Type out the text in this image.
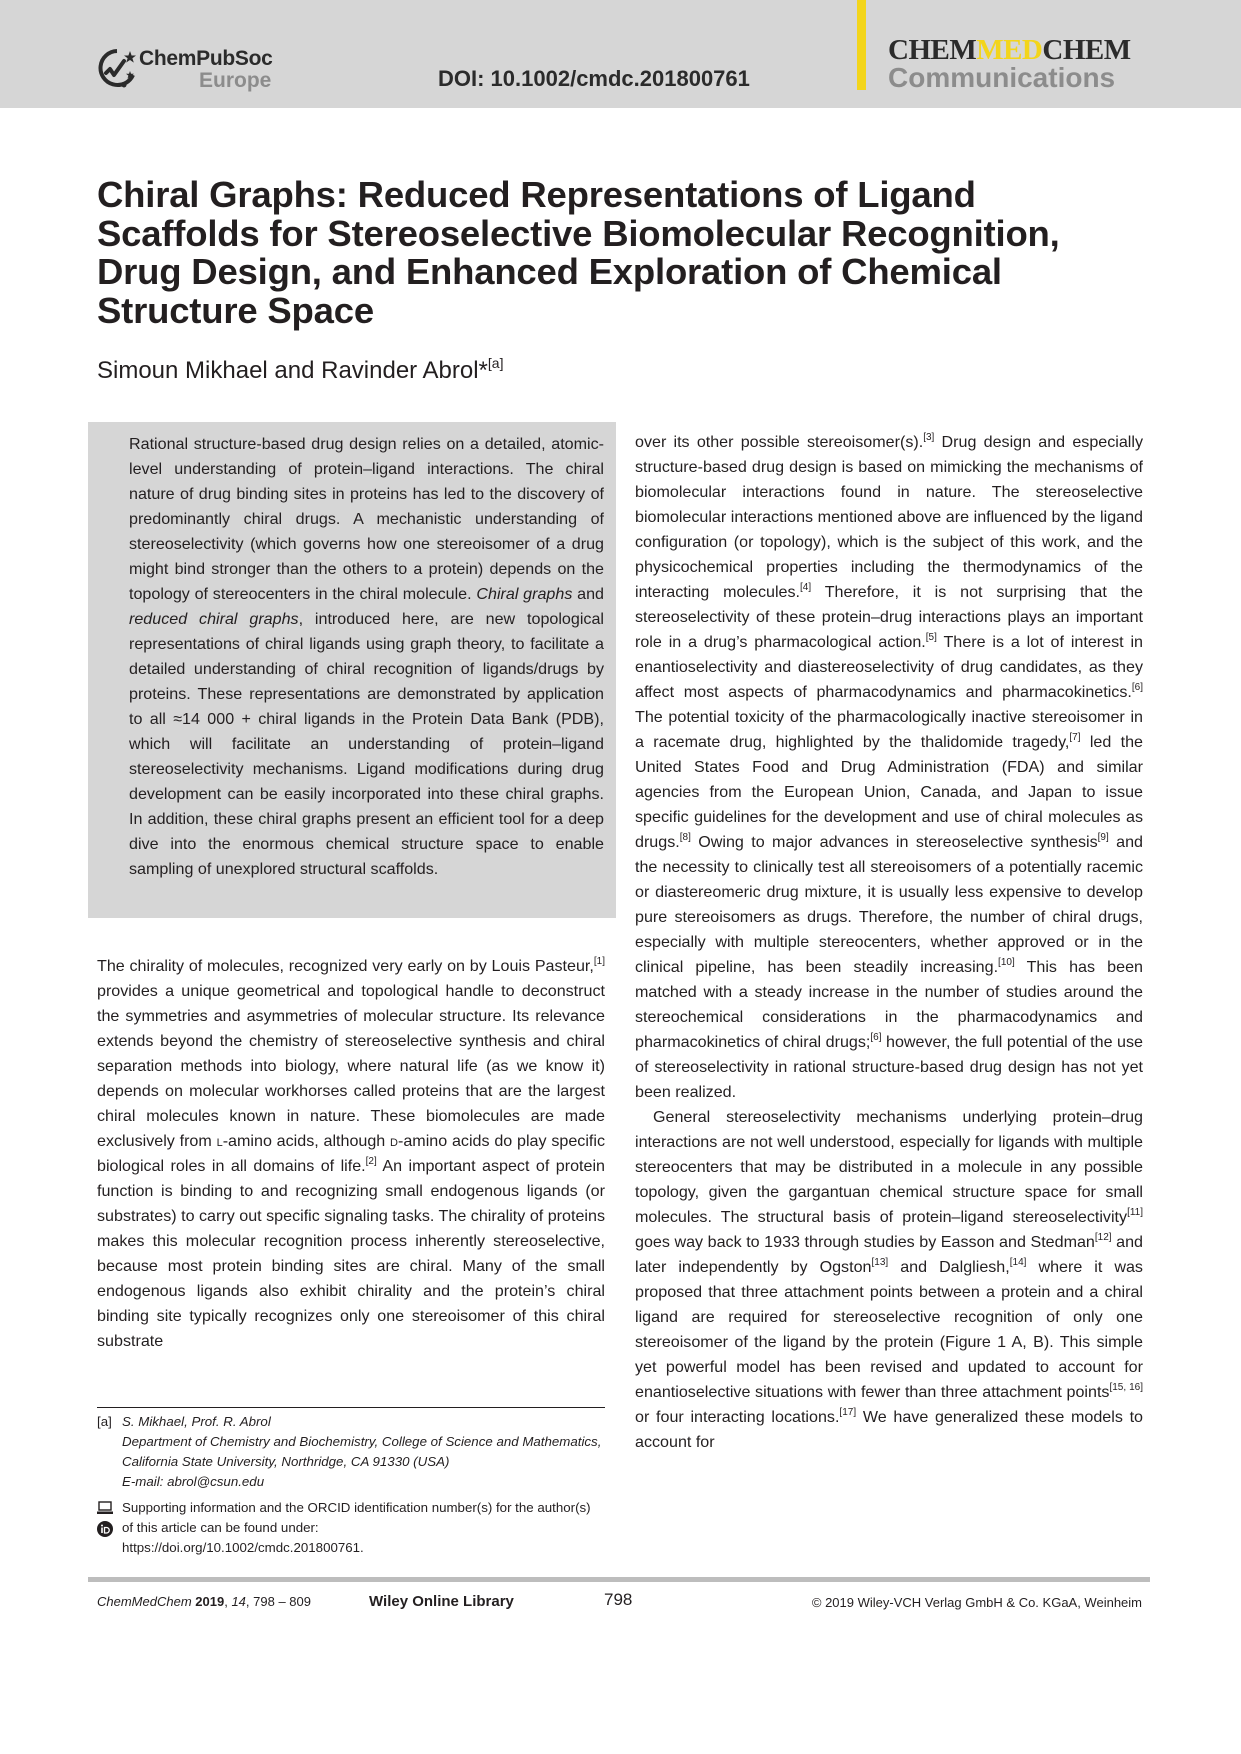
ChemPubSoc
Europe	DOI: 10.1002/cmdc.201800761
CHEMMEDCHEM
Communications
Chiral Graphs: Reduced Representations of Ligand Scaffolds for Stereoselective Biomolecular Recognition, Drug Design, and Enhanced Exploration of Chemical Structure Space
Simoun Mikhael and Ravinder Abrol*[a]

Rational structure-based drug design relies on a detailed, atomic-level understanding of protein–ligand interactions. The chiral nature of drug binding sites in proteins has led to the discovery of predominantly chiral drugs. A mechanistic understanding of stereoselectivity (which governs how one stereoisomer of a drug might bind stronger than the others to a protein) depends on the topology of stereocenters in the chiral molecule. Chiral graphs and reduced chiral graphs, introduced here, are new topological representations of chiral ligands using graph theory, to facilitate a detailed understanding of chiral recognition of ligands/drugs by proteins. These representations are demonstrated by application to all ≈14 000 + chiral ligands in the Protein Data Bank (PDB), which will facilitate an understanding of protein–ligand stereoselectivity mechanisms. Ligand modifications during drug development can be easily incorporated into these chiral graphs. In addition, these chiral graphs present an efficient tool for a deep dive into the enormous chemical structure space to enable sampling of unexplored structural scaffolds.

The chirality of molecules, recognized very early on by Louis Pasteur,[1] provides a unique geometrical and topological handle to deconstruct the symmetries and asymmetries of molecular structure. Its relevance extends beyond the chemistry of stereoselective synthesis and chiral separation methods into biology, where natural life (as we know it) depends on molecular workhorses called proteins that are the largest chiral molecules known in nature. These biomolecules are made exclusively from l-amino acids, although d-amino acids do play specific biological roles in all domains of life.[2] An important aspect of protein function is binding to and recognizing small endogenous ligands (or substrates) to carry out specific signaling tasks. The chirality of proteins makes this molecular recognition process inherently stereoselective, because most protein binding sites are chiral. Many of the small endogenous ligands also exhibit chirality and the protein’s chiral binding site typically recognizes only one stereoisomer of this chiral substrate

[a] S. Mikhael, Prof. R. Abrol
Department of Chemistry and Biochemistry, College of Science and Mathematics, California State University, Northridge, CA 91330 (USA)
E-mail: abrol@csun.edu
Supporting information and the ORCID identification number(s) for the author(s) of this article can be found under:
https://doi.org/10.1002/cmdc.201800761.

over its other possible stereoisomer(s).[3] Drug design and especially structure-based drug design is based on mimicking the mechanisms of biomolecular interactions found in nature. The stereoselective biomolecular interactions mentioned above are influenced by the ligand configuration (or topology), which is the subject of this work, and the physicochemical properties including the thermodynamics of the interacting molecules.[4] Therefore, it is not surprising that the stereoselectivity of these protein–drug interactions plays an important role in a drug’s pharmacological action.[5] There is a lot of interest in enantioselectivity and diastereoselectivity of drug candidates, as they affect most aspects of pharmacodynamics and pharmacokinetics.[6] The potential toxicity of the pharmacologically inactive stereoisomer in a racemate drug, highlighted by the thalidomide tragedy,[7] led the United States Food and Drug Administration (FDA) and similar agencies from the European Union, Canada, and Japan to issue specific guidelines for the development and use of chiral molecules as drugs.[8] Owing to major advances in stereoselective synthesis[9] and the necessity to clinically test all stereoisomers of a potentially racemic or diastereomeric drug mixture, it is usually less expensive to develop pure stereoisomers as drugs. Therefore, the number of chiral drugs, especially with multiple stereocenters, whether approved or in the clinical pipeline, has been steadily increasing.[10] This has been matched with a steady increase in the number of studies around the stereochemical considerations in the pharmacodynamics and pharmacokinetics of chiral drugs;[6] however, the full potential of the use of stereoselectivity in rational structure-based drug design has not yet been realized.

General stereoselectivity mechanisms underlying protein–drug interactions are not well understood, especially for ligands with multiple stereocenters that may be distributed in a molecule in any possible topology, given the gargantuan chemical structure space for small molecules. The structural basis of protein–ligand stereoselectivity[11] goes way back to 1933 through studies by Easson and Stedman[12] and later independently by Ogston[13] and Dalgliesh,[14] where it was proposed that three attachment points between a protein and a chiral ligand are required for stereoselective recognition of only one stereoisomer of the ligand by the protein (Figure 1 A, B). This simple yet powerful model has been revised and updated to account for enantioselective situations with fewer than three attachment points[15, 16] or four interacting locations.[17] We have generalized these models to account for

ChemMedChem 2019, 14, 798 – 809	Wiley Online Library	798	© 2019 Wiley-VCH Verlag GmbH & Co. KGaA, Weinheim
